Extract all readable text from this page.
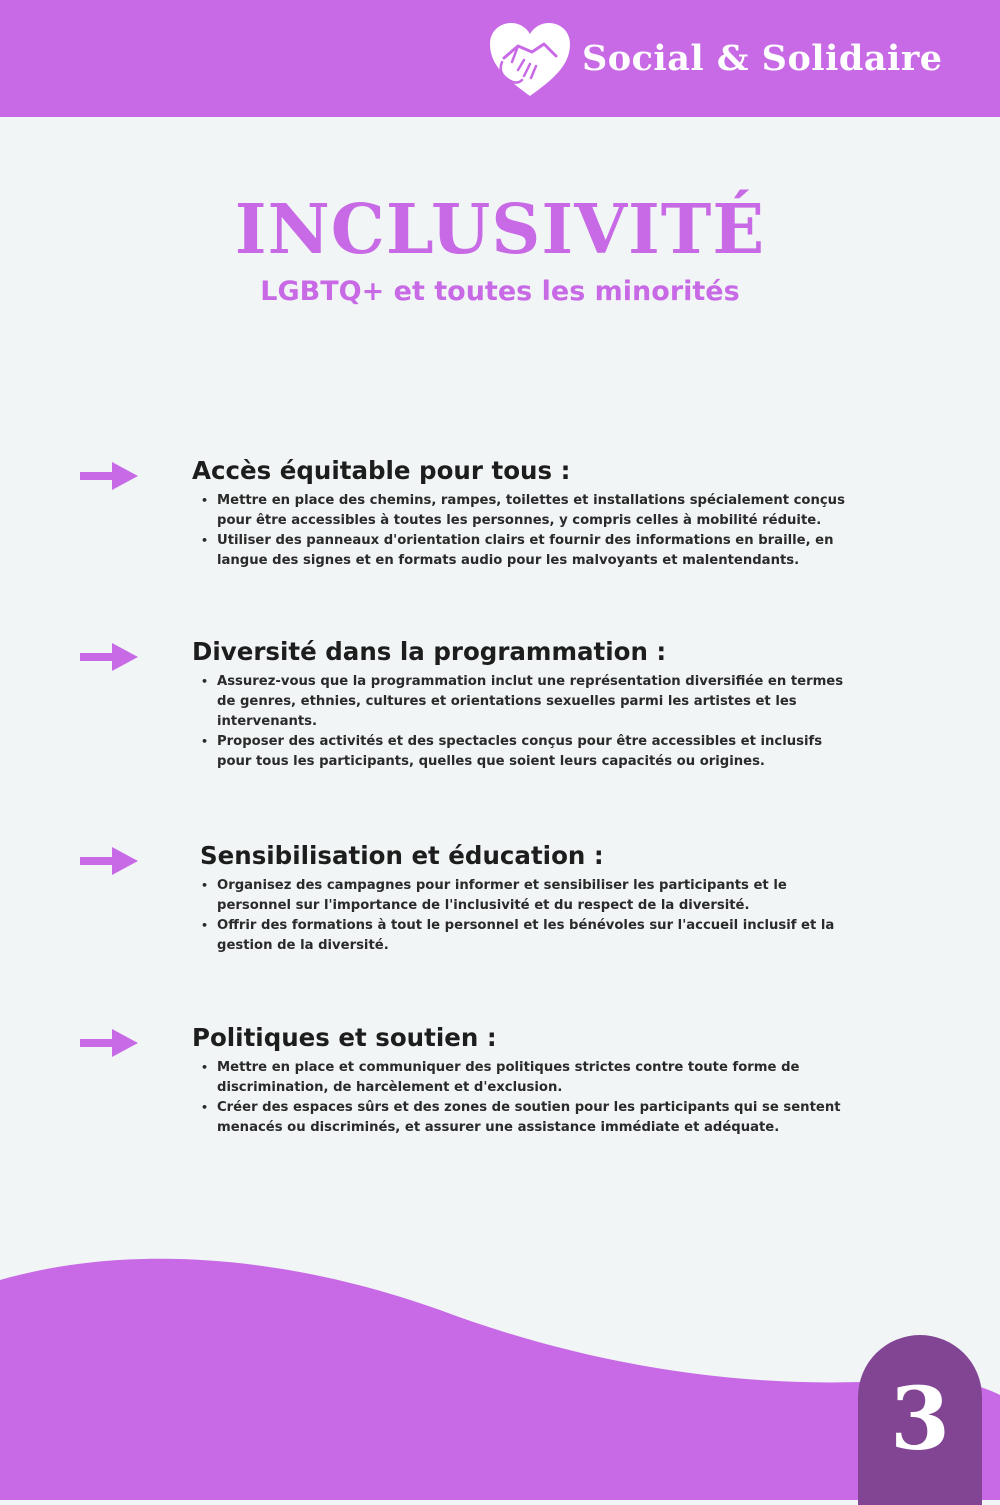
Social & Solidaire
INCLUSIVITÉ
LGBTQ+ et toutes les minorités
Accès équitable pour tous :
• Mettre en place des chemins, rampes, toilettes et installations spécialement conçus pour être accessibles à toutes les personnes, y compris celles à mobilité réduite.
• Utiliser des panneaux d'orientation clairs et fournir des informations en braille, en langue des signes et en formats audio pour les malvoyants et malentendants.
Diversité dans la programmation :
• Assurez-vous que la programmation inclut une représentation diversifiée en termes de genres, ethnies, cultures et orientations sexuelles parmi les artistes et les intervenants.
• Proposer des activités et des spectacles conçus pour être accessibles et inclusifs pour tous les participants, quelles que soient leurs capacités ou origines.
Sensibilisation et éducation :
• Organisez des campagnes pour informer et sensibiliser les participants et le personnel sur l'importance de l'inclusivité et du respect de la diversité.
• Offrir des formations à tout le personnel et les bénévoles sur l'accueil inclusif et la gestion de la diversité.
Politiques et soutien :
• Mettre en place et communiquer des politiques strictes contre toute forme de discrimination, de harcèlement et d'exclusion.
• Créer des espaces sûrs et des zones de soutien pour les participants qui se sentent menacés ou discriminés, et assurer une assistance immédiate et adéquate.
3
